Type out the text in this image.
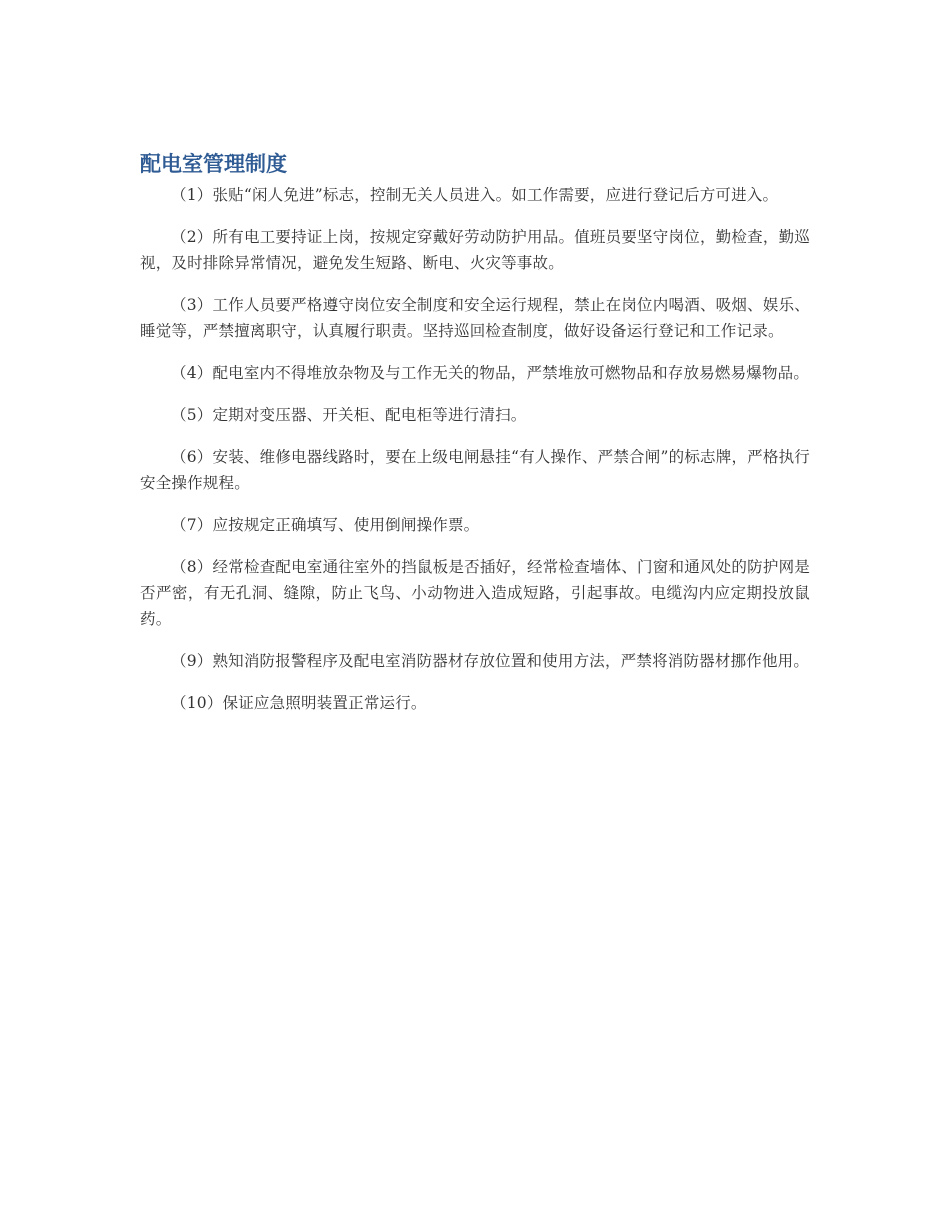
配电室管理制度

（1）张贴“闲人免进”标志，控制无关人员进入。如工作需要，应进行登记后方可进入。

（2）所有电工要持证上岗，按规定穿戴好劳动防护用品。值班员要坚守岗位，勤检查，勤巡视，及时排除异常情况，避免发生短路、断电、火灾等事故。

（3）工作人员要严格遵守岗位安全制度和安全运行规程，禁止在岗位内喝酒、吸烟、娱乐、睡觉等，严禁擅离职守，认真履行职责。坚持巡回检查制度，做好设备运行登记和工作记录。

（4）配电室内不得堆放杂物及与工作无关的物品，严禁堆放可燃物品和存放易燃易爆物品。

（5）定期对变压器、开关柜、配电柜等进行清扫。

（6）安装、维修电器线路时，要在上级电闸悬挂“有人操作、严禁合闸”的标志牌，严格执行安全操作规程。

（7）应按规定正确填写、使用倒闸操作票。

（8）经常检查配电室通往室外的挡鼠板是否插好，经常检查墙体、门窗和通风处的防护网是否严密，有无孔洞、缝隙，防止飞鸟、小动物进入造成短路，引起事故。电缆沟内应定期投放鼠药。

（9）熟知消防报警程序及配电室消防器材存放位置和使用方法，严禁将消防器材挪作他用。

（10）保证应急照明装置正常运行。
